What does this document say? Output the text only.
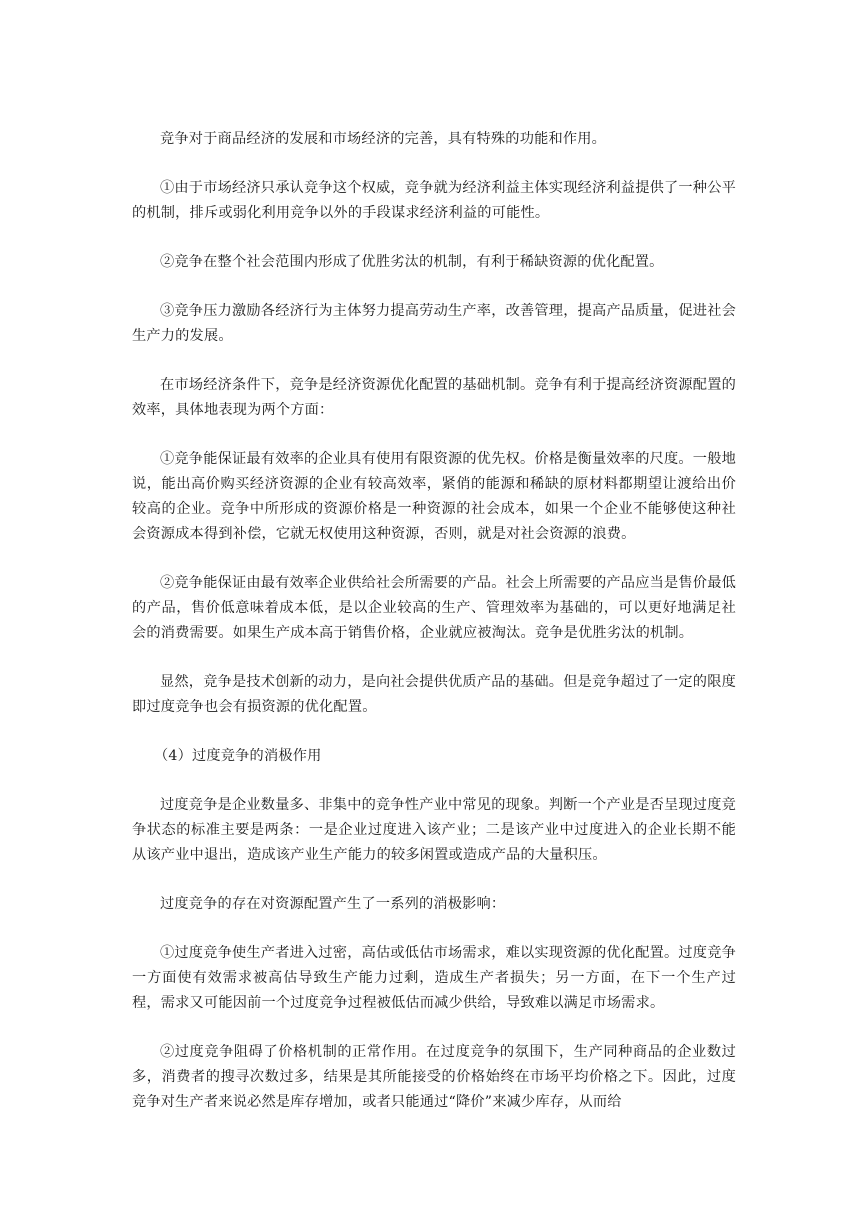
竞争对于商品经济的发展和市场经济的完善，具有特殊的功能和作用。

①由于市场经济只承认竞争这个权威，竞争就为经济利益主体实现经济利益提供了一种公平的机制，排斥或弱化利用竞争以外的手段谋求经济利益的可能性。

②竞争在整个社会范围内形成了优胜劣汰的机制，有利于稀缺资源的优化配置。

③竞争压力激励各经济行为主体努力提高劳动生产率，改善管理，提高产品质量，促进社会生产力的发展。

在市场经济条件下，竞争是经济资源优化配置的基础机制。竞争有利于提高经济资源配置的效率，具体地表现为两个方面：

①竞争能保证最有效率的企业具有使用有限资源的优先权。价格是衡量效率的尺度。一般地说，能出高价购买经济资源的企业有较高效率，紧俏的能源和稀缺的原材料都期望让渡给出价较高的企业。竞争中所形成的资源价格是一种资源的社会成本，如果一个企业不能够使这种社会资源成本得到补偿，它就无权使用这种资源，否则，就是对社会资源的浪费。

②竞争能保证由最有效率企业供给社会所需要的产品。社会上所需要的产品应当是售价最低的产品，售价低意味着成本低，是以企业较高的生产、管理效率为基础的，可以更好地满足社会的消费需要。如果生产成本高于销售价格，企业就应被淘汰。竞争是优胜劣汰的机制。

显然，竞争是技术创新的动力，是向社会提供优质产品的基础。但是竞争超过了一定的限度即过度竞争也会有损资源的优化配置。

（4）过度竞争的消极作用

过度竞争是企业数量多、非集中的竞争性产业中常见的现象。判断一个产业是否呈现过度竞争状态的标准主要是两条：一是企业过度进入该产业；二是该产业中过度进入的企业长期不能从该产业中退出，造成该产业生产能力的较多闲置或造成产品的大量积压。

过度竞争的存在对资源配置产生了一系列的消极影响：

①过度竞争使生产者进入过密，高估或低估市场需求，难以实现资源的优化配置。过度竞争一方面使有效需求被高估导致生产能力过剩，造成生产者损失；另一方面，在下一个生产过程，需求又可能因前一个过度竞争过程被低估而减少供给，导致难以满足市场需求。

②过度竞争阻碍了价格机制的正常作用。在过度竞争的氛围下，生产同种商品的企业数过多，消费者的搜寻次数过多，结果是其所能接受的价格始终在市场平均价格之下。因此，过度竞争对生产者来说必然是库存增加，或者只能通过“降价”来减少库存，从而给
